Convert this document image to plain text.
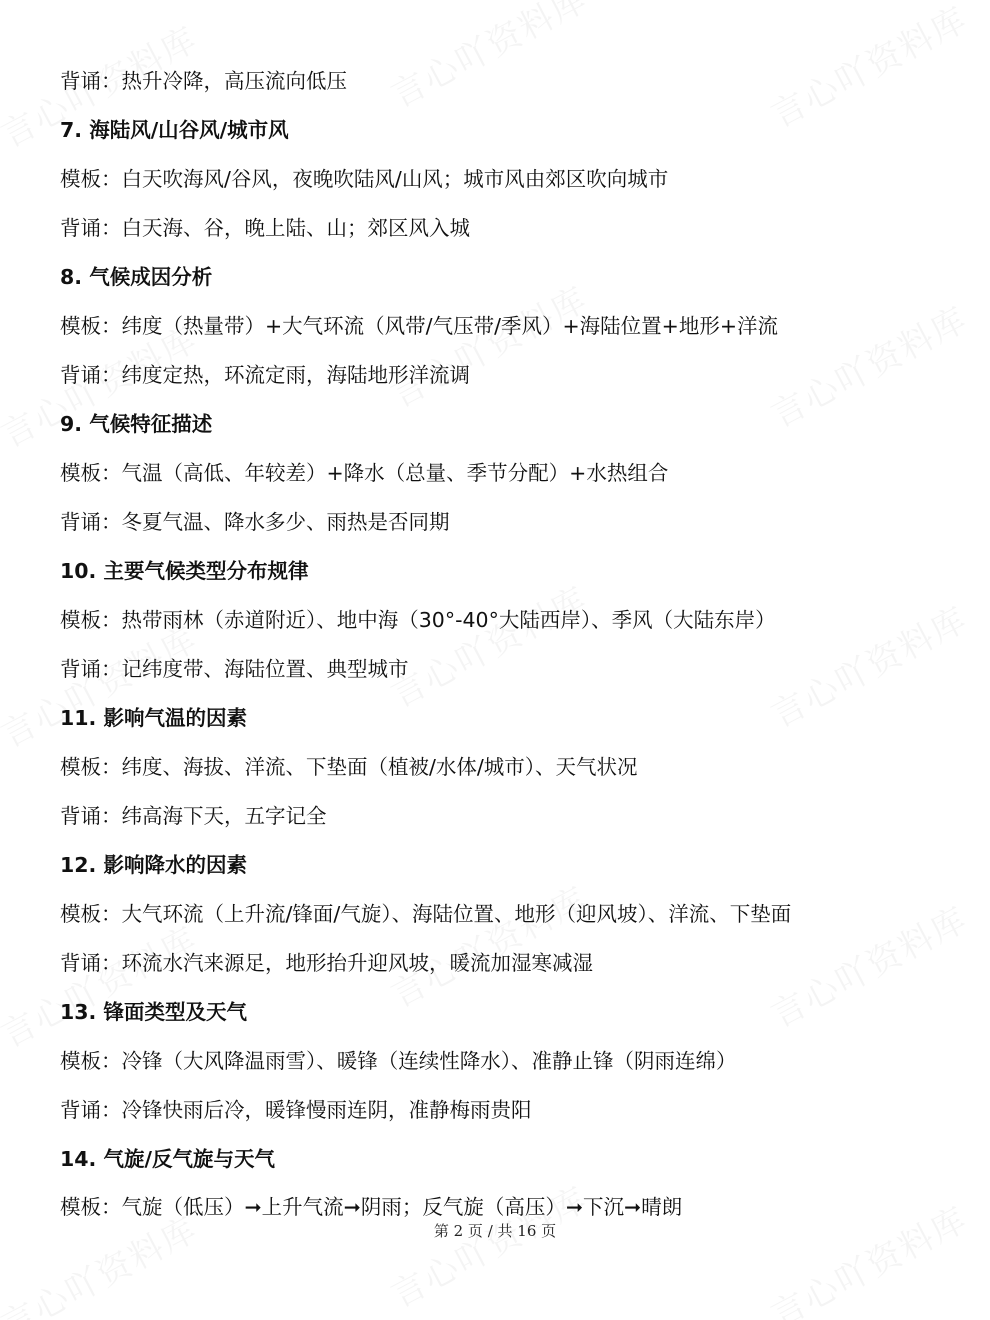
背诵：热升冷降，高压流向低压
7. 海陆风/山谷风/城市风
模板：白天吹海风/谷风，夜晚吹陆风/山风；城市风由郊区吹向城市
背诵：白天海、谷，晚上陆、山；郊区风入城
8. 气候成因分析
模板：纬度（热量带）+大气环流（风带/气压带/季风）+海陆位置+地形+洋流
背诵：纬度定热，环流定雨，海陆地形洋流调
9. 气候特征描述
模板：气温（高低、年较差）+降水（总量、季节分配）+水热组合
背诵：冬夏气温、降水多少、雨热是否同期
10. 主要气候类型分布规律
模板：热带雨林（赤道附近）、地中海（30°-40°大陆西岸）、季风（大陆东岸）
背诵：记纬度带、海陆位置、典型城市
11. 影响气温的因素
模板：纬度、海拔、洋流、下垫面（植被/水体/城市）、天气状况
背诵：纬高海下天，五字记全
12. 影响降水的因素
模板：大气环流（上升流/锋面/气旋）、海陆位置、地形（迎风坡）、洋流、下垫面
背诵：环流水汽来源足，地形抬升迎风坡，暖流加湿寒减湿
13. 锋面类型及天气
模板：冷锋（大风降温雨雪）、暖锋（连续性降水）、准静止锋（阴雨连绵）
背诵：冷锋快雨后冷，暖锋慢雨连阴，准静梅雨贵阳
14. 气旋/反气旋与天气
模板：气旋（低压）➞上升气流➞阴雨；反气旋（高压）➞下沉➞晴朗
第 2 页 / 共 16 页
